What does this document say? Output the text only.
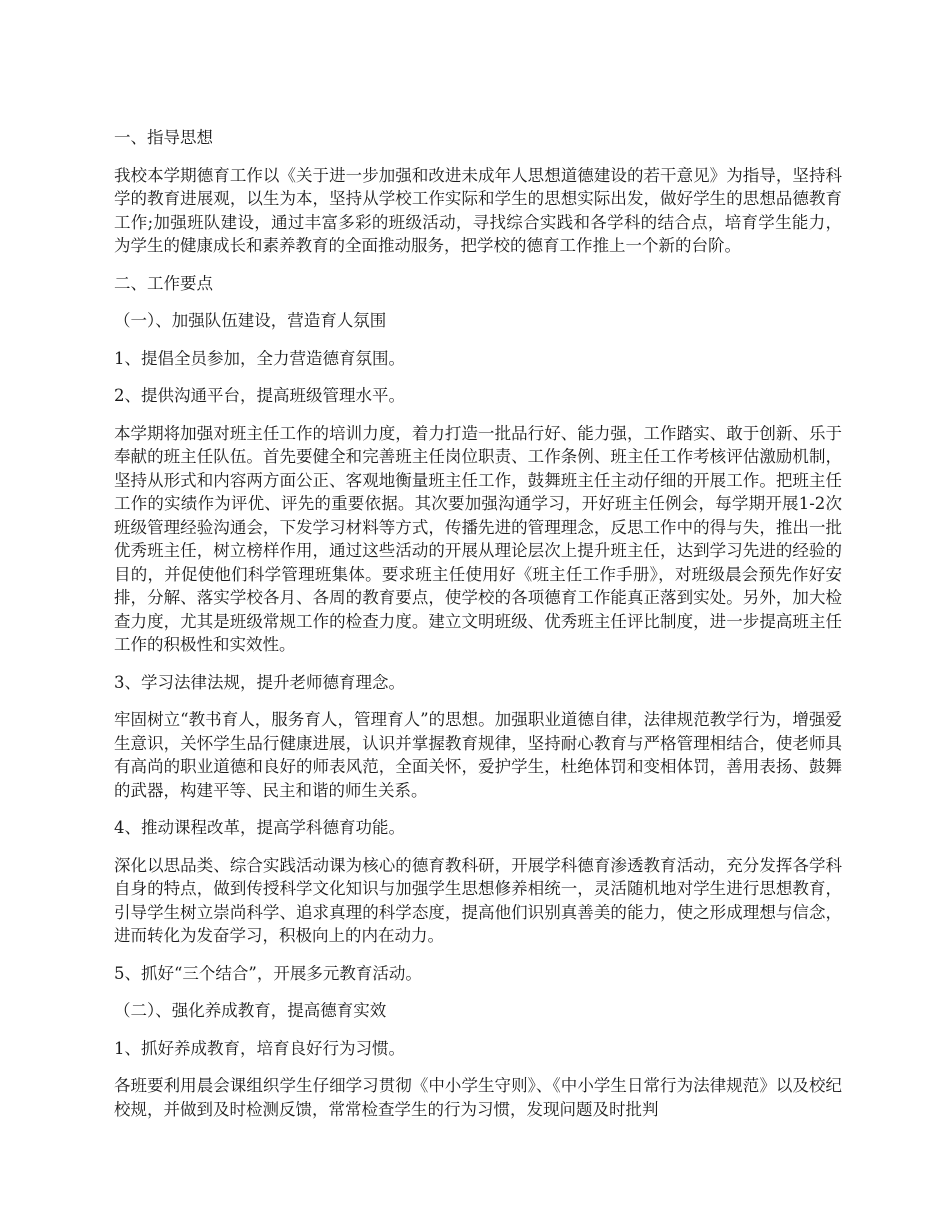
一、指导思想

我校本学期德育工作以《关于进一步加强和改进未成年人思想道德建设的若干意见》为指导，坚持科学的教育进展观，以生为本，坚持从学校工作实际和学生的思想实际出发，做好学生的思想品德教育工作;加强班队建设，通过丰富多彩的班级活动，寻找综合实践和各学科的结合点，培育学生能力，为学生的健康成长和素养教育的全面推动服务，把学校的德育工作推上一个新的台阶。

二、工作要点
（一）、加强队伍建设，营造育人氛围
1、提倡全员参加，全力营造德育氛围。
2、提供沟通平台，提高班级管理水平。

本学期将加强对班主任工作的培训力度，着力打造一批品行好、能力强，工作踏实、敢于创新、乐于奉献的班主任队伍。首先要健全和完善班主任岗位职责、工作条例、班主任工作考核评估激励机制，坚持从形式和内容两方面公正、客观地衡量班主任工作，鼓舞班主任主动仔细的开展工作。把班主任工作的实绩作为评优、评先的重要依据。其次要加强沟通学习，开好班主任例会，每学期开展1-2次班级管理经验沟通会，下发学习材料等方式，传播先进的管理理念，反思工作中的得与失，推出一批优秀班主任，树立榜样作用，通过这些活动的开展从理论层次上提升班主任，达到学习先进的经验的目的，并促使他们科学管理班集体。要求班主任使用好《班主任工作手册》，对班级晨会预先作好安排，分解、落实学校各月、各周的教育要点，使学校的各项德育工作能真正落到实处。另外，加大检查力度，尤其是班级常规工作的检查力度。建立文明班级、优秀班主任评比制度，进一步提高班主任工作的积极性和实效性。

3、学习法律法规，提升老师德育理念。

牢固树立“教书育人，服务育人，管理育人”的思想。加强职业道德自律，法律规范教学行为，增强爱生意识，关怀学生品行健康进展，认识并掌握教育规律，坚持耐心教育与严格管理相结合，使老师具有高尚的职业道德和良好的师表风范，全面关怀，爱护学生，杜绝体罚和变相体罚，善用表扬、鼓舞的武器，构建平等、民主和谐的师生关系。

4、推动课程改革，提高学科德育功能。

深化以思品类、综合实践活动课为核心的德育教科研，开展学科德育渗透教育活动，充分发挥各学科自身的特点，做到传授科学文化知识与加强学生思想修养相统一，灵活随机地对学生进行思想教育，引导学生树立崇尚科学、追求真理的科学态度，提高他们识别真善美的能力，使之形成理想与信念，进而转化为发奋学习，积极向上的内在动力。

5、抓好“三个结合”，开展多元教育活动。
（二）、强化养成教育，提高德育实效
1、抓好养成教育，培育良好行为习惯。

各班要利用晨会课组织学生仔细学习贯彻《中小学生守则》、《中小学生日常行为法律规范》以及校纪校规，并做到及时检测反馈，常常检查学生的行为习惯，发现问题及时批判
